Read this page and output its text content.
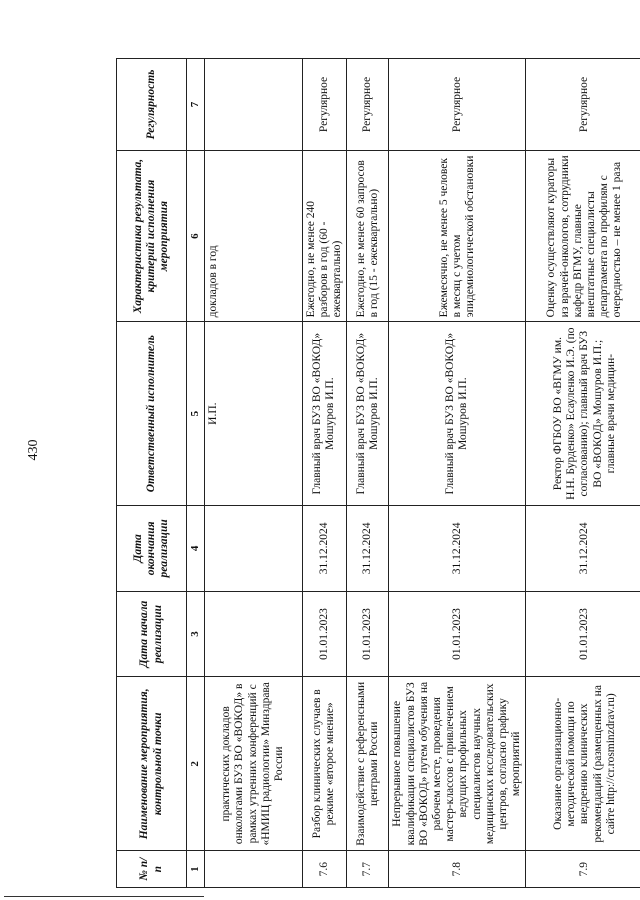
430
№ п/п	Наименование мероприятия, контрольной точки	Дата начала реализации	Дата окончания реализации	Ответственный исполнитель	Характеристика результата, критерий исполнения мероприятия	Регулярность
1	2	3	4	5	6	7
	практических докладов онкологами БУЗ ВО «ВОКОД» в рамках утренних конференций с «НМИЦ радиологии» Минздрава России			И.П.	докладов в год	
7.6	Разбор клинических случаев в режиме «второе мнение»	01.01.2023	31.12.2024	Главный врач БУЗ ВО «ВОКОД» Мошуров И.П.	Ежегодно, не менее 240 разборов в год (60 - ежеквартально)	Регулярное
7.7	Взаимодействие с референсными центрами России	01.01.2023	31.12.2024	Главный врач БУЗ ВО «ВОКОД» Мошуров И.П.	Ежегодно, не менее 60 запросов в год (15 - ежеквартально)	Регулярное
7.8	Непрерывное повышение квалификации специалистов БУЗ ВО «ВОКОД» путем обучения на рабочем месте, проведения мастер-классов с привлечением ведущих профильных специалистов научных медицинских исследовательских центров, согласно графику мероприятий	01.01.2023	31.12.2024	Главный врач БУЗ ВО «ВОКОД» Мошуров И.П.	Ежемесячно, не менее 5 человек в месяц с учетом эпидемиологической обстановки	Регулярное
7.9	Оказание организационно-методической помощи по внедрению клинических рекомендаций (размещенных на сайте http://cr.rosminzdrav.ru)	01.01.2023	31.12.2024	Ректор ФГБОУ ВО «ВГМУ им. Н.Н. Бурденко» Есауленко И.Э. (по согласованию); главный врач БУЗ ВО «ВОКОД» Мошуров И.П.; главные врачи медицин-	Оценку осуществляют кураторы из врачей-онкологов, сотрудники кафедр ВГМУ, главные внештатные специалисты департамента по профилям с очередностью – не менее 1 раза	Регулярное
